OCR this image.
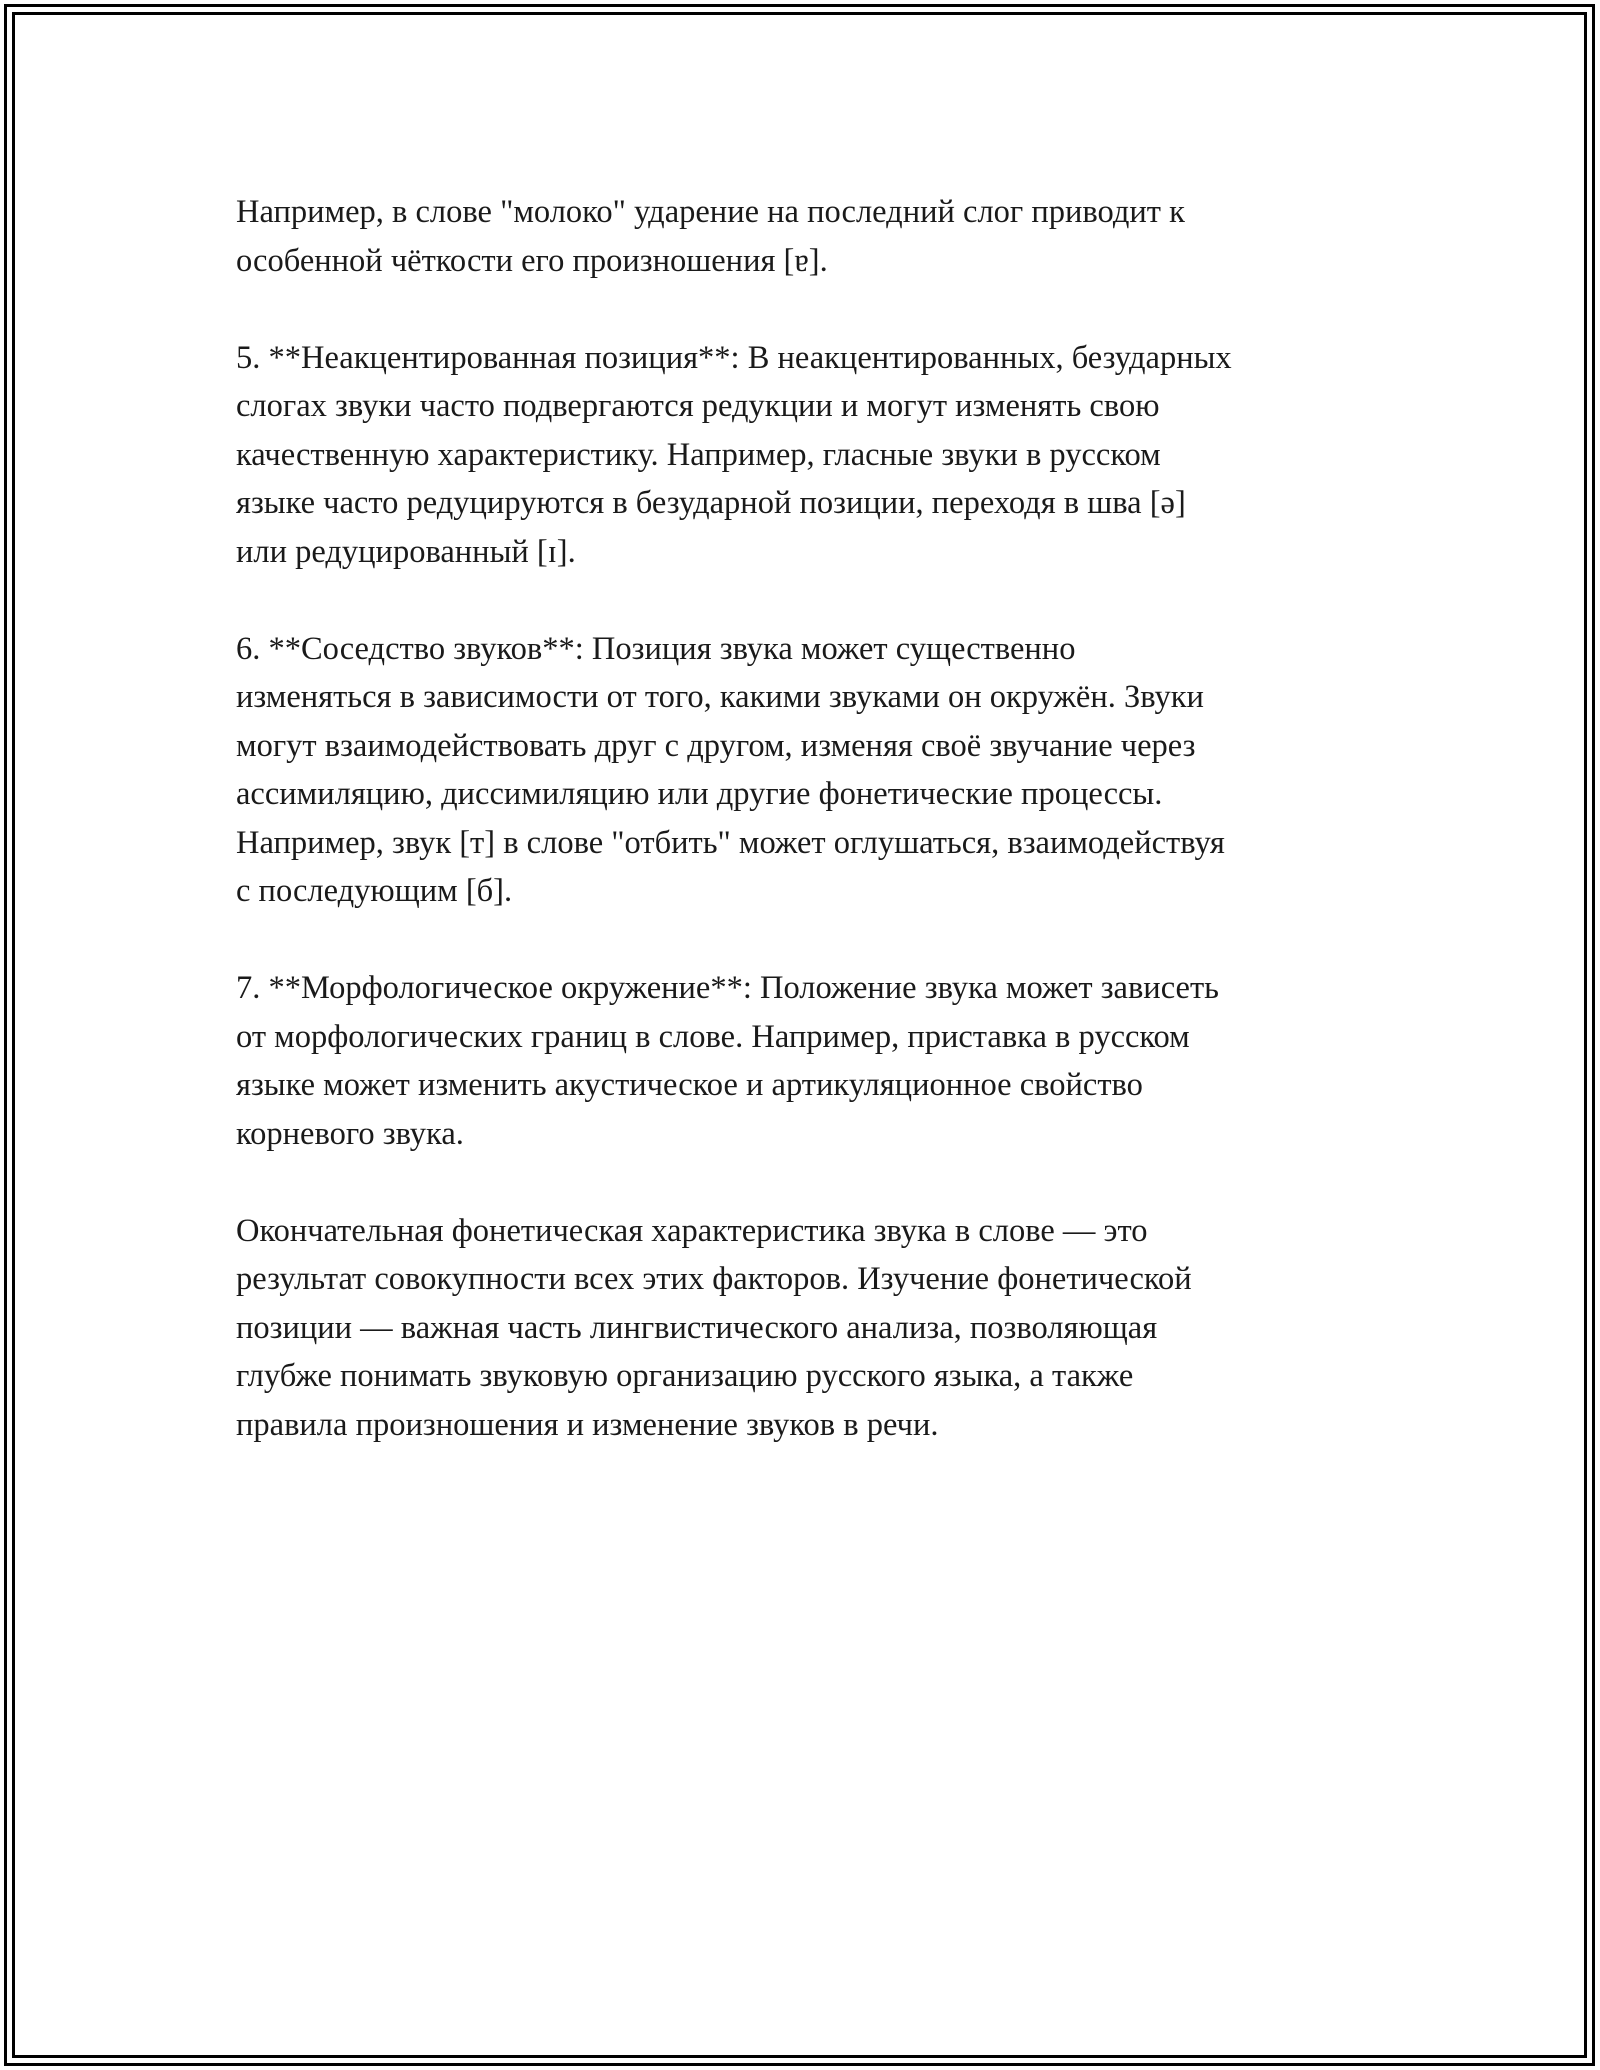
Например, в слове "молоко" ударение на последний слог приводит к
особенной чёткости его произношения [ɐ].

5. **Неакцентированная позиция**: В неакцентированных, безударных
слогах звуки часто подвергаются редукции и могут изменять свою
качественную характеристику. Например, гласные звуки в русском
языке часто редуцируются в безударной позиции, переходя в шва [ə]
или редуцированный [ɪ].

6. **Соседство звуков**: Позиция звука может существенно
изменяться в зависимости от того, какими звуками он окружён. Звуки
могут взаимодействовать друг с другом, изменяя своё звучание через
ассимиляцию, диссимиляцию или другие фонетические процессы.
Например, звук [т] в слове "отбить" может оглушаться, взаимодействуя
с последующим [б].

7. **Морфологическое окружение**: Положение звука может зависеть
от морфологических границ в слове. Например, приставка в русском
языке может изменить акустическое и артикуляционное свойство
корневого звука.

Окончательная фонетическая характеристика звука в слове — это
результат совокупности всех этих факторов. Изучение фонетической
позиции — важная часть лингвистического анализа, позволяющая
глубже понимать звуковую организацию русского языка, а также
правила произношения и изменение звуков в речи.
